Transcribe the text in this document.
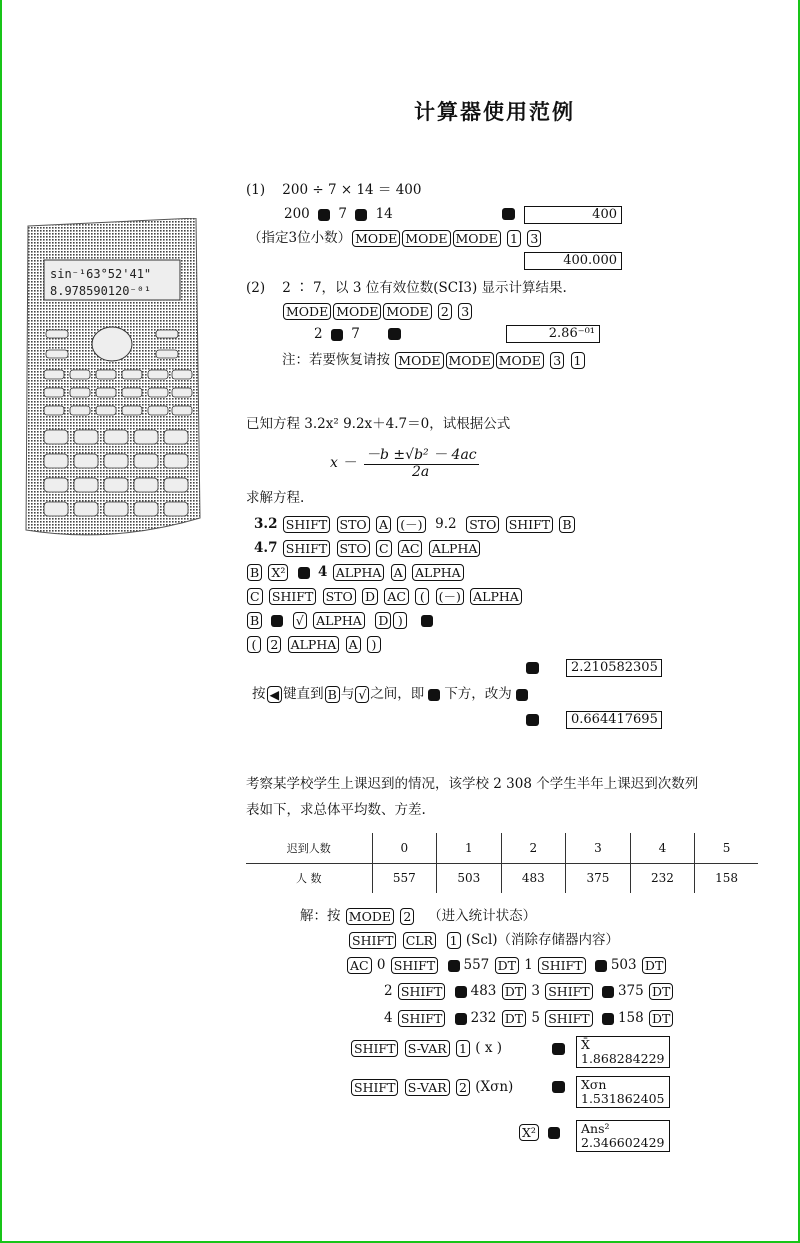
计算器使用范例
sin⁻¹63°52'41"
8.978590120⁻⁰¹
(1) 200 ÷ 7 × 14 ＝ 400
200 7 14	400
（指定3位小数） MODE MODE MODE 1 3
400.000
(2) 2 ∶ 7，以 3 位有效位数(SCI3) 显示计算结果.
MODE MODE MODE 2 3
2 7	2.86⁻⁰¹
注：若要恢复请按 MODE MODE MODE 3 1
已知方程 3.2x² 9.2x＋4.7＝0，试根据公式
x － －b ±√b² － 4ac
2a
求解方程.
3.2 SHIFT STO A (－) 9.2 STO SHIFT B
4.7 SHIFT STO C AC ALPHA
B X² 4 ALPHA A ALPHA
C SHIFT STO D AC ( (－) ALPHA
B	√ ALPHA D )
( 2 ALPHA A )
2.210582305
按 ◀ 键直到 B 与 √ 之间，即 下方，改为
0.664417695
考察某学校学生上课迟到的情况，该学校 2 308 个学生半年上课迟到次数列
表如下，求总体平均数、方差.
迟到人数	0	1	2	3	4	5
人 数	557	503	483	375	232	158
解：按 MODE 2 （进入统计状态）
SHIFT CLR 1 (Scl)（消除存储器内容）
AC 0 SHIFT 557 DT 1 SHIFT 503 DT
2 SHIFT 483 DT 3 SHIFT 375 DT
4 SHIFT 232 DT 5 SHIFT 158 DT
SHIFT S-VAR 1 ( x )	X̄
1.868284229
SHIFT S-VAR 2 (Xσn)	Xσn
1.531862405
X²	Ans²
2.346602429
